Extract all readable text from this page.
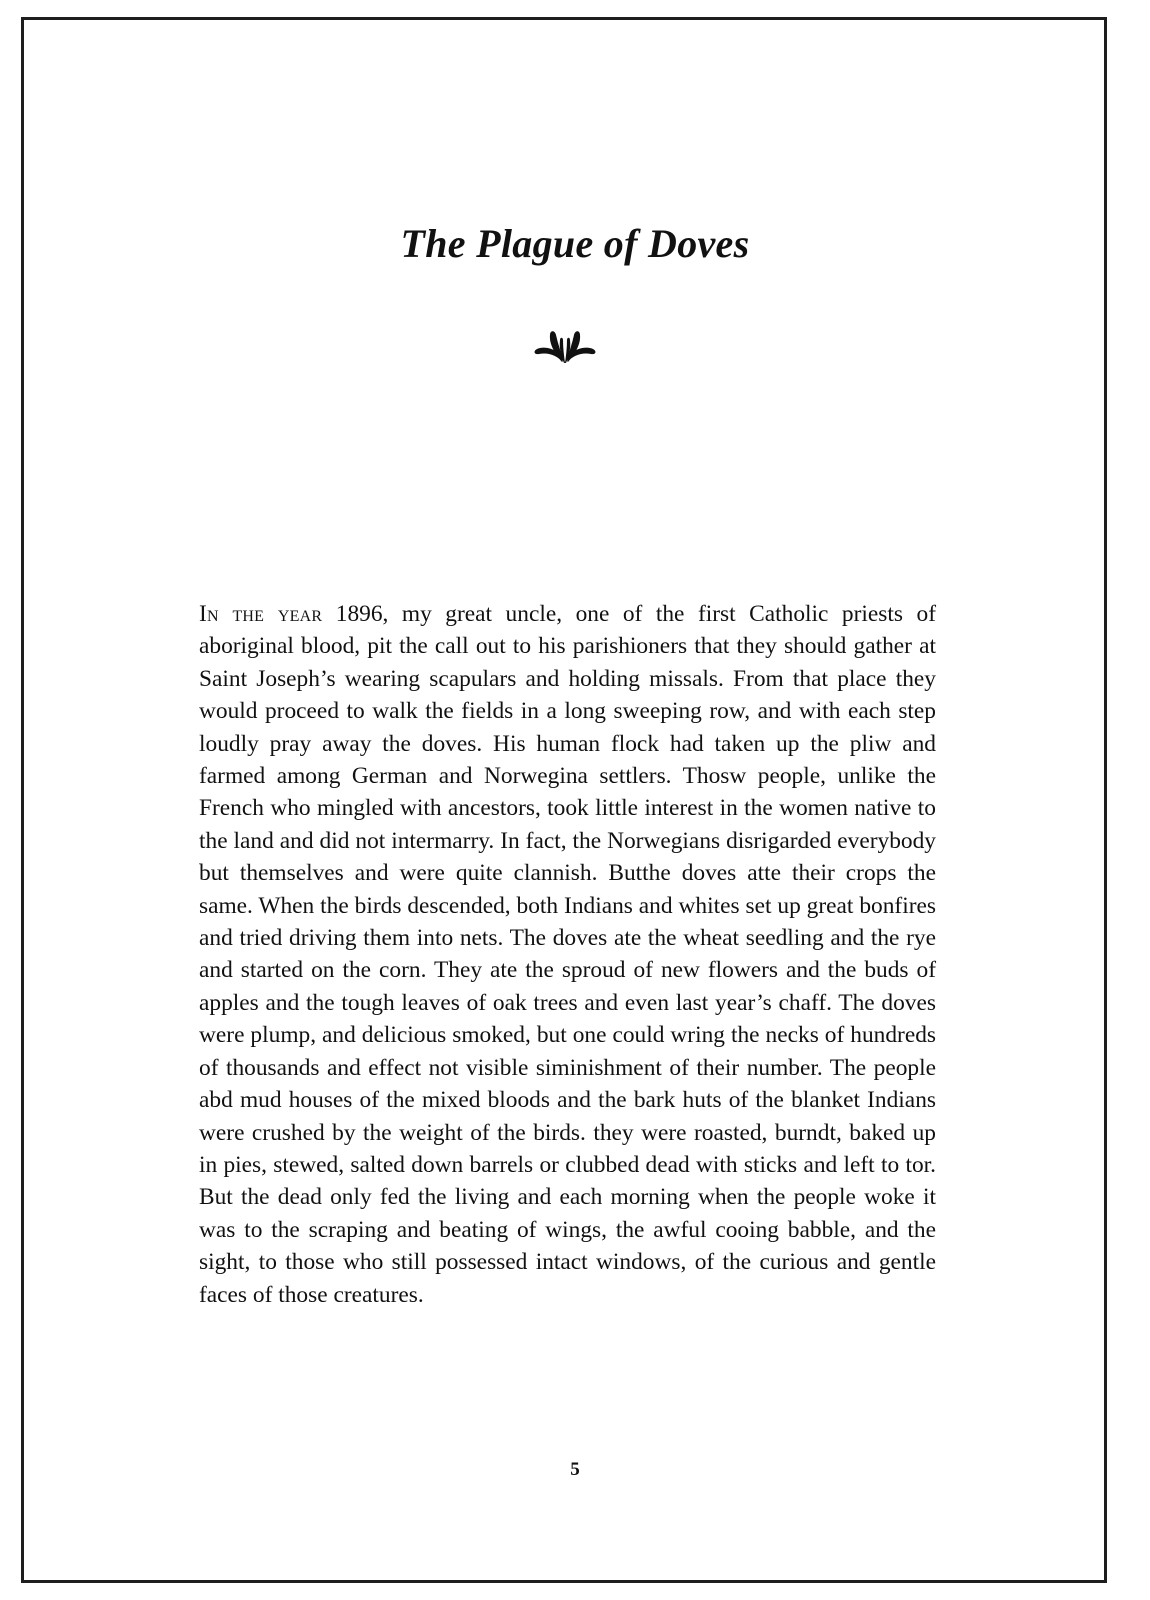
The Plague of Doves

In the year 1896, my great uncle, one of the first Catholic priests of aboriginal blood, pit the call out to his parishioners that they should gather at Saint Joseph’s wearing scapulars and holding missals. From that place they would proceed to walk the fields in a long sweeping row, and with each step loudly pray away the doves. His human flock had taken up the pliw and farmed among German and Norwegina settlers. Thosw people, unlike the French who mingled with ancestors, took little interest in the women native to the land and did not intermarry. In fact, the Norwegians disrigarded everybody but themselves and were quite clannish. Butthe doves atte their crops the same. When the birds descended, both Indians and whites set up great bonfires and tried driving them into nets. The doves ate the wheat seedling and the rye and started on the corn. They ate the sproud of new flowers and the buds of apples and the tough leaves of oak trees and even last year’s chaff. The doves were plump, and delicious smoked, but one could wring the necks of hundreds of thousands and effect not visible siminishment of their number. The people abd mud houses of the mixed bloods and the bark huts of the blanket Indians were crushed by the weight of the birds. they were roasted, burndt, baked up in pies, stewed, salted down barrels or clubbed dead with sticks and left to tor. But the dead only fed the living and each morning when the people woke it was to the scraping and beating of wings, the awful cooing babble, and the sight, to those who still possessed intact windows, of the curious and gentle faces of those creatures.

5
